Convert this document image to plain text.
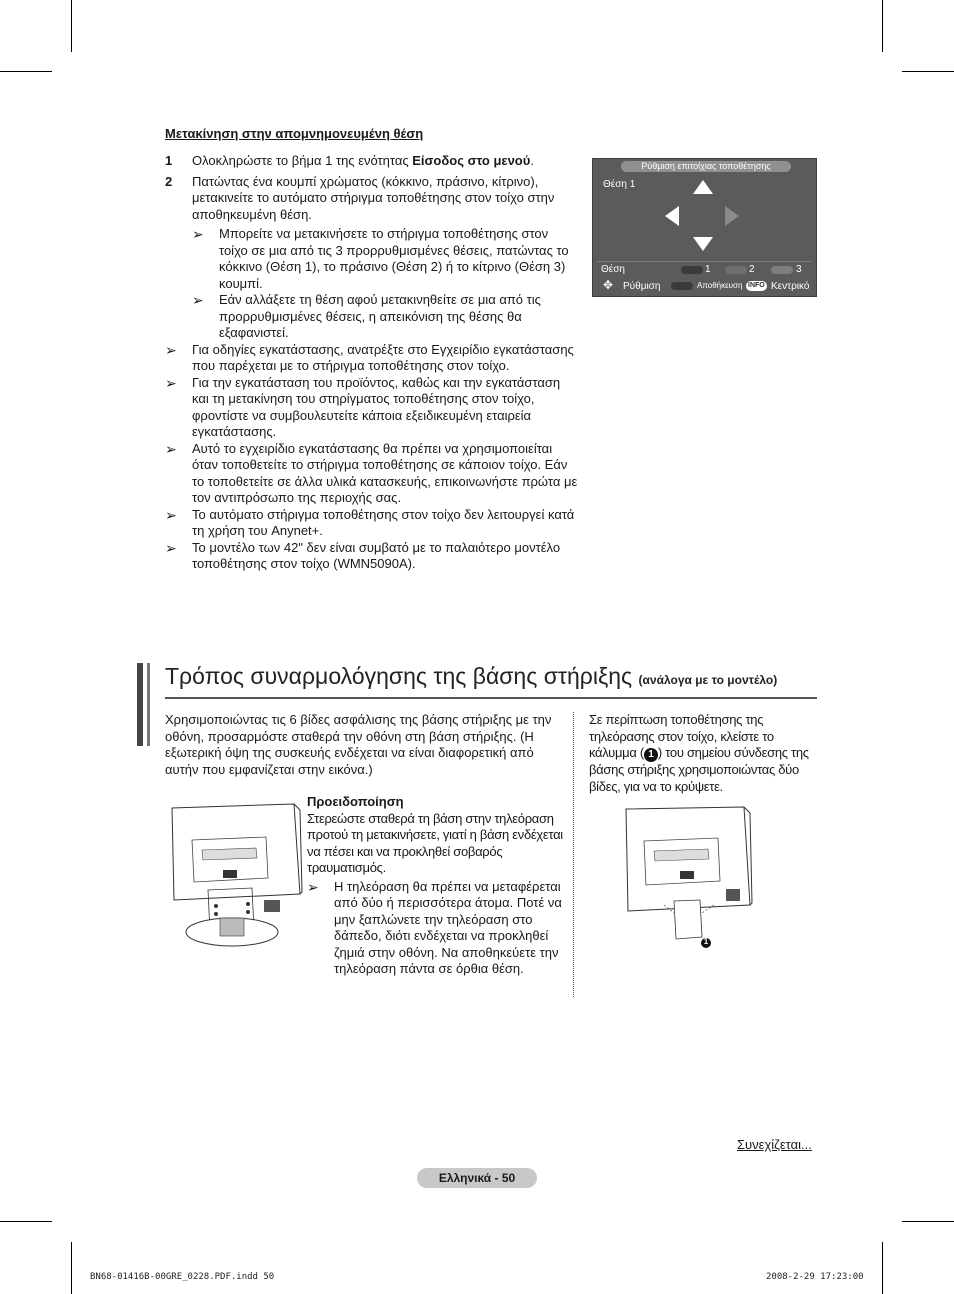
Μετακίνηση στην απομνημονευμένη θέση
1	Ολοκληρώστε το βήμα 1 της ενότητας Είσοδος στο μενού.
2	Πατώντας ένα κουμπί χρώματος (κόκκινο, πράσινο, κίτρινο), μετακινείτε το αυτόματο στήριγμα τοποθέτησης στον τοίχο στην αποθηκευμένη θέση.
➢	Μπορείτε να μετακινήσετε το στήριγμα τοποθέτησης στον τοίχο σε μια από τις 3 προρρυθμισμένες θέσεις, πατώντας το κόκκινο (Θέση 1), το πράσινο (Θέση 2) ή το κίτρινο (Θέση 3) κουμπί.
➢	Εάν αλλάξετε τη θέση αφού μετακινηθείτε σε μια από τις προρρυθμισμένες θέσεις, η απεικόνιση της θέσης θα εξαφανιστεί.
➢	Για οδηγίες εγκατάστασης, ανατρέξτε στο Εγχειρίδιο εγκατάστασης που παρέχεται με το στήριγμα τοποθέτησης στον τοίχο.
➢	Για την εγκατάσταση του προϊόντος, καθώς και την εγκατάσταση και τη μετακίνηση του στηρίγματος τοποθέτησης στον τοίχο, φροντίστε να συμβουλευτείτε κάποια εξειδικευμένη εταιρεία εγκατάστασης.
➢	Αυτό το εγχειρίδιο εγκατάστασης θα πρέπει να χρησιμοποιείται όταν τοποθετείτε το στήριγμα τοποθέτησης σε κάποιον τοίχο. Εάν το τοποθετείτε σε άλλα υλικά κατασκευής, επικοινωνήστε πρώτα με τον αντιπρόσωπο της περιοχής σας.
➢	Το αυτόματο στήριγμα τοποθέτησης στον τοίχο δεν λειτουργεί κατά τη χρήση του Anynet+.
➢	Το μοντέλο των 42" δεν είναι συμβατό με το παλαιότερο μοντέλο τοποθέτησης στον τοίχο (WMN5090A).
Ρύθμιση επιτοίχιας τοποθέτησης
Θέση 1
Θέση	1	2	3
✥ Ρύθμιση	Αποθήκευση INFO Κεντρικό
Τρόπος συναρμολόγησης της βάσης στήριξης (ανάλογα με το μοντέλο)
Χρησιμοποιώντας τις 6 βίδες ασφάλισης της βάσης στήριξης με την οθόνη, προσαρμόστε σταθερά την οθόνη στη βάση στήριξης. (Η εξωτερική όψη της συσκευής ενδέχεται να είναι διαφορετική από αυτήν που εμφανίζεται στην εικόνα.)
Προειδοποίηση
Στερεώστε σταθερά τη βάση στην τηλεόραση προτού τη μετακινήσετε, γιατί η βάση ενδέχεται να πέσει και να προκληθεί σοβαρός τραυματισμός.
➢	Η τηλεόραση θα πρέπει να μεταφέρεται από δύο ή περισσότερα άτομα. Ποτέ να μην ξαπλώνετε την τηλεόραση στο δάπεδο, διότι ενδέχεται να προκληθεί ζημιά στην οθόνη. Να αποθηκεύετε την τηλεόραση πάντα σε όρθια θέση.
Σε περίπτωση τοποθέτησης της τηλεόρασης στον τοίχο, κλείστε το κάλυμμα ( 1 ) του σημείου σύνδεσης της βάσης στήριξης χρησιμοποιώντας δύο βίδες, για να το κρύψετε.
1
Συνεχίζεται...
Ελληνικά - 50
BN68-01416B-00GRE_0228.PDF.indd 50	2008-2-29 17:23:00
